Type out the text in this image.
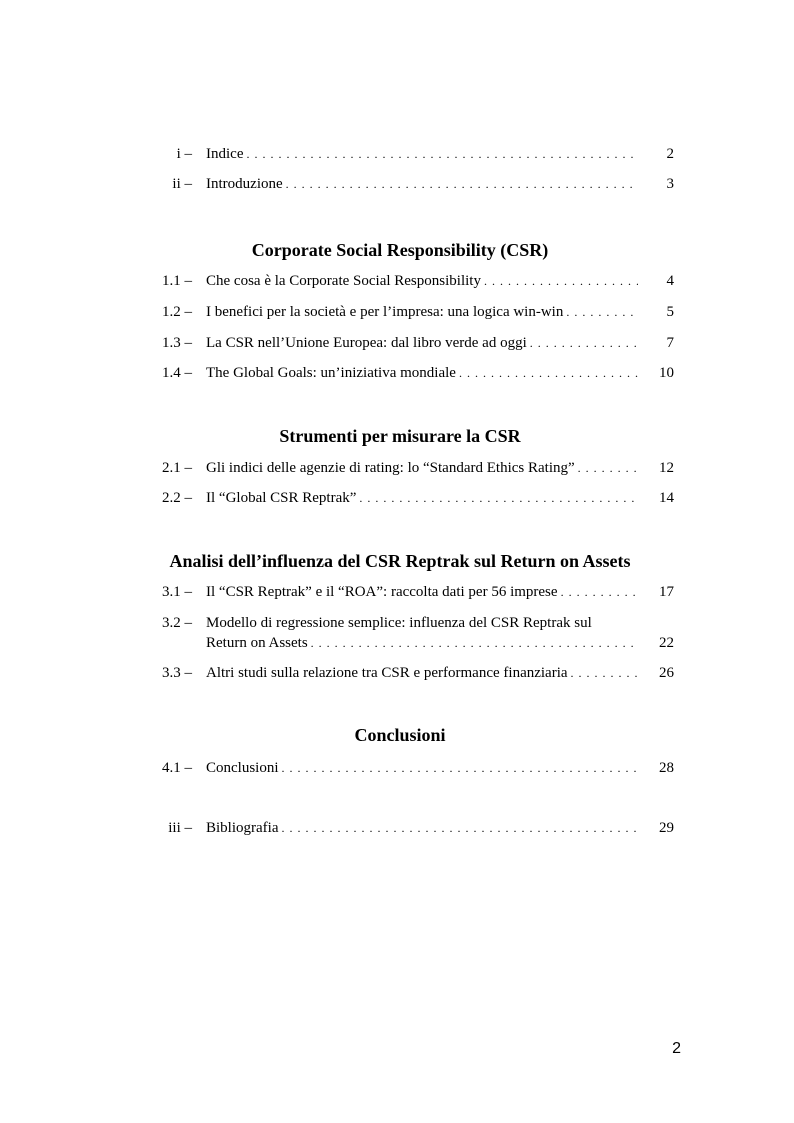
i – Indice . . .	2
ii – Introduzione . . .	3
Corporate Social Responsibility (CSR)
1.1 – Che cosa è la Corporate Social Responsibility . . .	4
1.2 – I benefici per la società e per l’impresa: una logica win-win . . .	5
1.3 – La CSR nell’Unione Europea: dal libro verde ad oggi . . .	7
1.4 – The Global Goals: un’iniziativa mondiale . . .	10
Strumenti per misurare la CSR
2.1 – Gli indici delle agenzie di rating: lo “Standard Ethics Rating” . . .	12
2.2 – Il “Global CSR Reptrak” . . .	14
Analisi dell’influenza del CSR Reptrak sul Return on Assets
3.1 – Il “CSR Reptrak” e il “ROA”: raccolta dati per 56 imprese . . .	17
3.2 – Modello di regressione semplice: influenza del CSR Reptrak sul
Return on Assets . . .	22
3.3 – Altri studi sulla relazione tra CSR e performance finanziaria . . .	26
Conclusioni
4.1 – Conclusioni . . .	28
iii – Bibliografia . . .	29
2
